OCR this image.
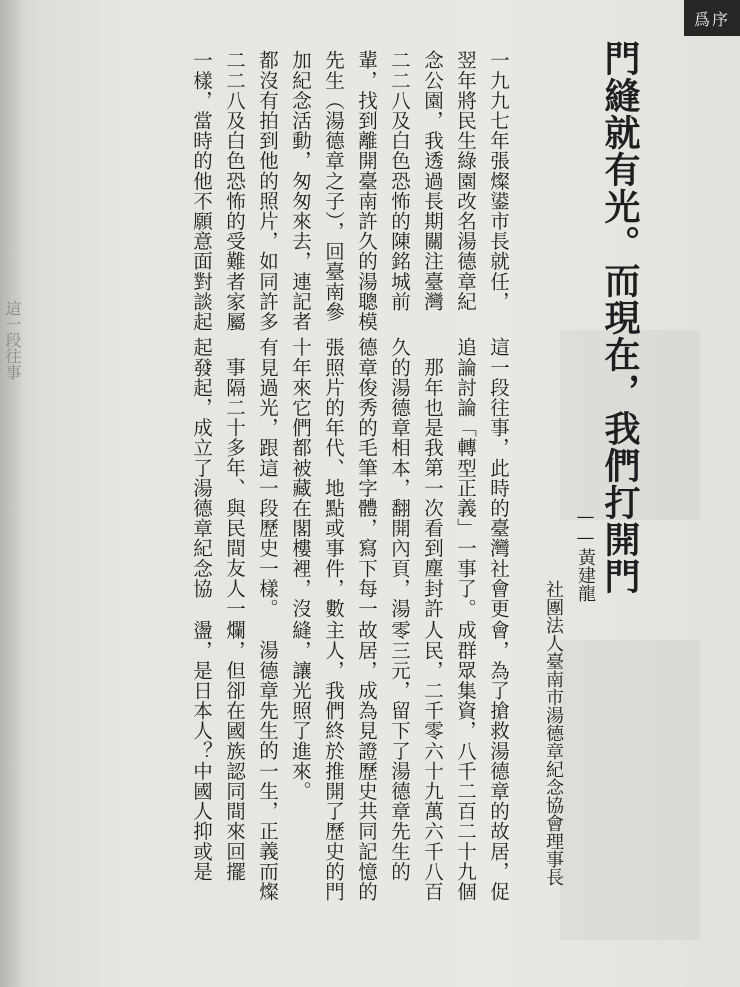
這一段往事
爲序
門縫就有光。而現在，我們打開門
——黃建龍
社團法人臺南市湯德章紀念協會理事長
一九九七年張燦鍙市長就任，
翌年將民生綠園改名湯德章紀
念公園，我透過長期關注臺灣
二二八及白色恐怖的陳銘城前
輩，找到離開臺南許久的湯聰模
先生（湯德章之子），回臺南參
加紀念活動，匆匆來去，連記者
都沒有拍到他的照片，如同許多
二二八及白色恐怖的受難者家屬
一樣，當時的他不願意面對談起
這一段往事，此時的臺灣社會更
追論討論「轉型正義」一事了。
那年也是我第一次看到塵封許
久的湯德章相本，翻開內頁，湯
德章俊秀的毛筆字體，寫下每一
張照片的年代、地點或事件，數
十年來它們都被藏在閣樓裡，沒
有見過光，跟這一段歷史一樣。
事隔二十多年、與民間友人一
起發起，成立了湯德章紀念協
會，為了搶救湯德章的故居，促
成群眾集資，八千二百二十九個
人民，二千零六十九萬六千八百
零三元，留下了湯德章先生的
故居，成為見證歷史共同記憶的
主人，我們終於推開了歷史的門
縫，讓光照了進來。
湯德章先生的一生，正義而燦
爛，但卻在國族認同間來回擺
盪，是日本人？中國人抑或是
